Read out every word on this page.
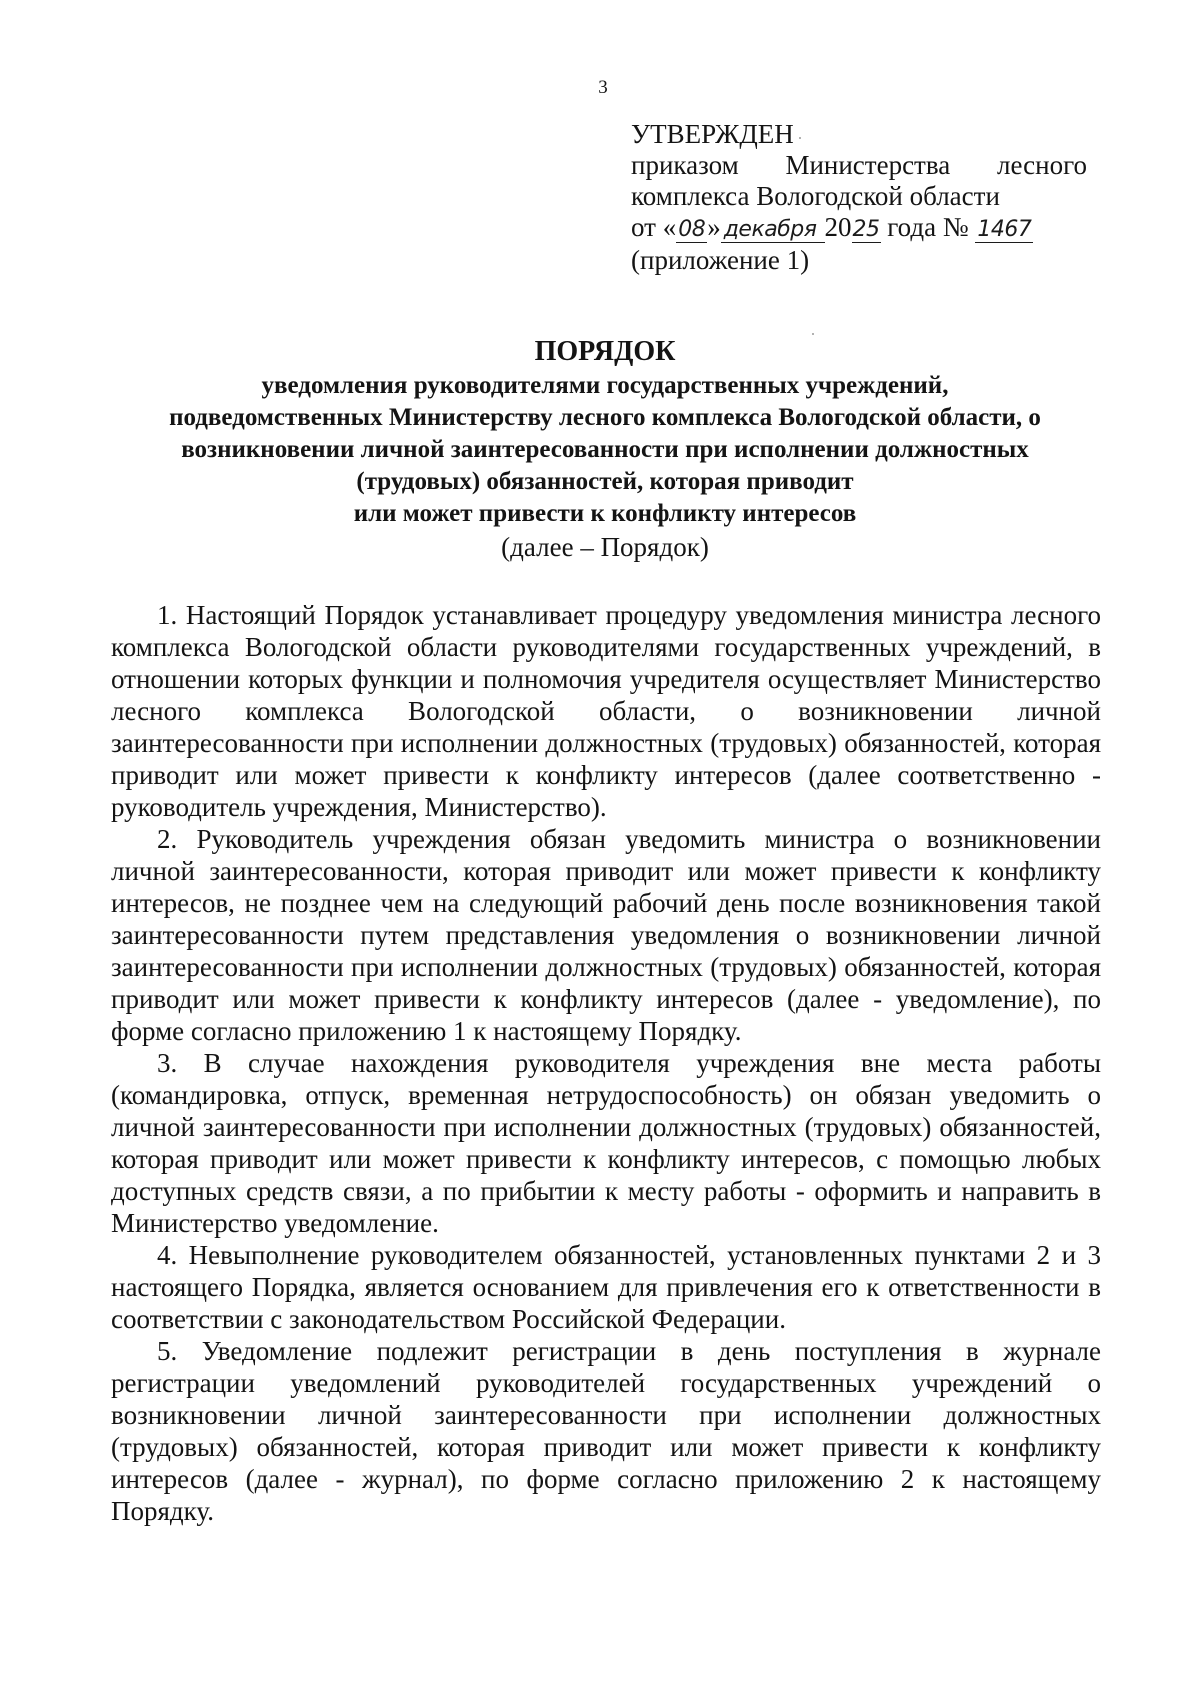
3
УТВЕРЖДЕН
приказом Министерства лесного
комплекса Вологодской области
от «08» декабря 2025 года № 1467
(приложение 1)
ПОРЯДОК
уведомления руководителями государственных учреждений,
подведомственных Министерству лесного комплекса Вологодской области, о
возникновении личной заинтересованности при исполнении должностных
(трудовых) обязанностей, которая приводит
или может привести к конфликту интересов
(далее – Порядок)

1. Настоящий Порядок устанавливает процедуру уведомления министра лесного комплекса Вологодской области руководителями государственных учреждений, в отношении которых функции и полномочия учредителя осуществляет Министерство лесного комплекса Вологодской области, о возникновении личной заинтересованности при исполнении должностных (трудовых) обязанностей, которая приводит или может привести к конфликту интересов (далее соответственно - руководитель учреждения, Министерство).

2. Руководитель учреждения обязан уведомить министра о возникновении личной заинтересованности, которая приводит или может привести к конфликту интересов, не позднее чем на следующий рабочий день после возникновения такой заинтересованности путем представления уведомления о возникновении личной заинтересованности при исполнении должностных (трудовых) обязанностей, которая приводит или может привести к конфликту интересов (далее - уведомление), по форме согласно приложению 1 к настоящему Порядку.

3. В случае нахождения руководителя учреждения вне места работы (командировка, отпуск, временная нетрудоспособность) он обязан уведомить о личной заинтересованности при исполнении должностных (трудовых) обязанностей, которая приводит или может привести к конфликту интересов, с помощью любых доступных средств связи, а по прибытии к месту работы - оформить и направить в Министерство уведомление.

4. Невыполнение руководителем обязанностей, установленных пунктами 2 и 3 настоящего Порядка, является основанием для привлечения его к ответственности в соответствии с законодательством Российской Федерации.

5. Уведомление подлежит регистрации в день поступления в журнале регистрации уведомлений руководителей государственных учреждений о возникновении личной заинтересованности при исполнении должностных (трудовых) обязанностей, которая приводит или может привести к конфликту интересов (далее - журнал), по форме согласно приложению 2 к настоящему Порядку.
